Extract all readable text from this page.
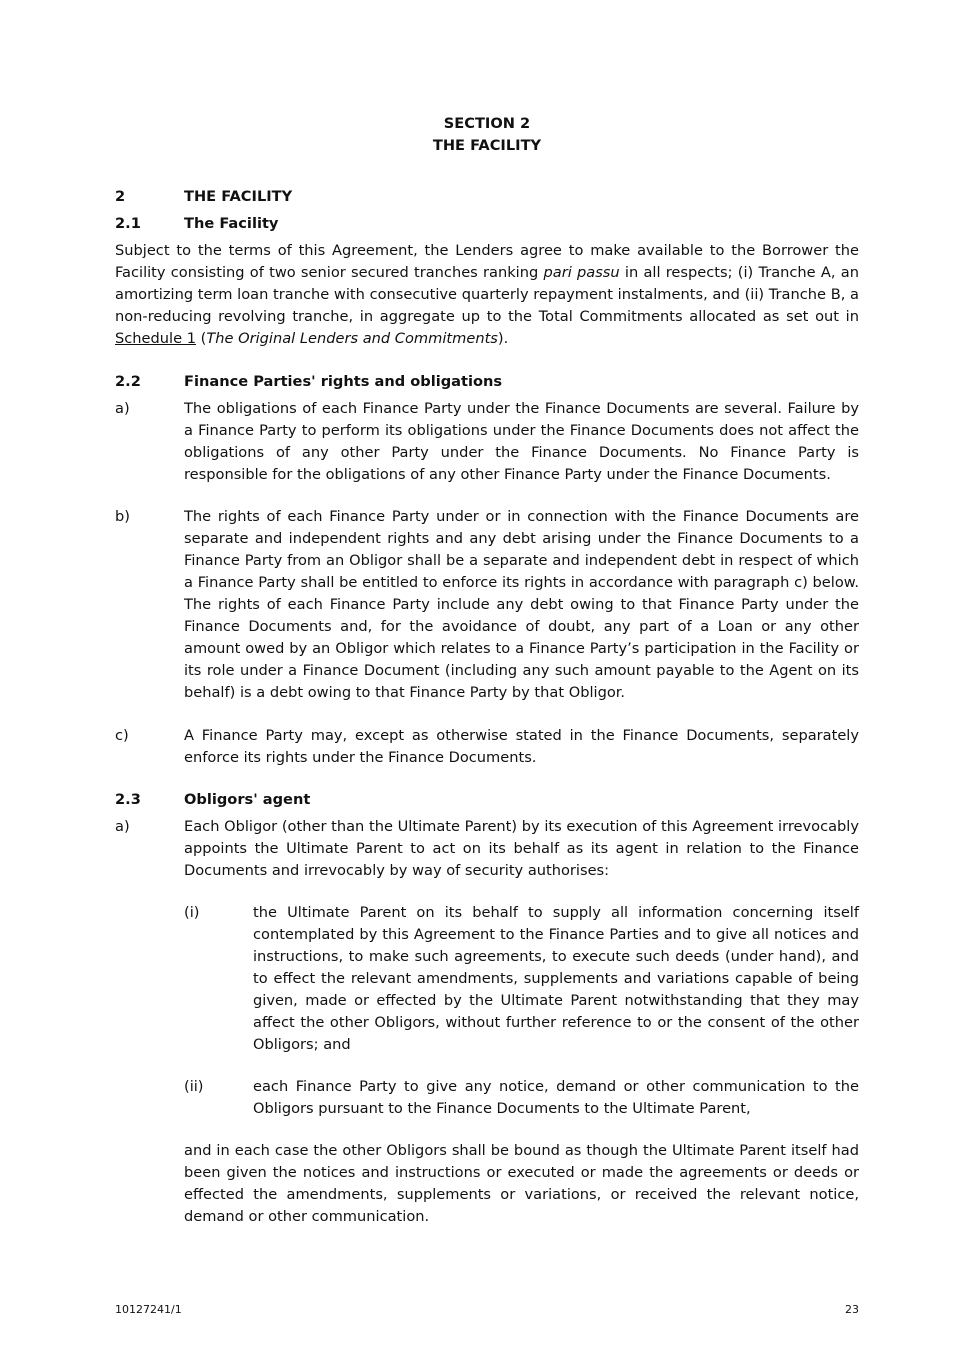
SECTION 2
THE FACILITY
2	THE FACILITY
2.1	The Facility

Subject to the terms of this Agreement, the Lenders agree to make available to the Borrower the Facility consisting of two senior secured tranches ranking pari passu in all respects; (i) Tranche A, an amortizing term loan tranche with consecutive quarterly repayment instalments, and (ii) Tranche B, a non-reducing revolving tranche, in aggregate up to the Total Commitments allocated as set out in Schedule 1 (The Original Lenders and Commitments).

2.2	Finance Parties' rights and obligations
a)	The obligations of each Finance Party under the Finance Documents are several. Failure by a Finance Party to perform its obligations under the Finance Documents does not affect the obligations of any other Party under the Finance Documents. No Finance Party is responsible for the obligations of any other Finance Party under the Finance Documents.

b)	The rights of each Finance Party under or in connection with the Finance Documents are separate and independent rights and any debt arising under the Finance Documents to a Finance Party from an Obligor shall be a separate and independent debt in respect of which a Finance Party shall be entitled to enforce its rights in accordance with paragraph c) below. The rights of each Finance Party include any debt owing to that Finance Party under the Finance Documents and, for the avoidance of doubt, any part of a Loan or any other amount owed by an Obligor which relates to a Finance Party’s participation in the Facility or its role under a Finance Document (including any such amount payable to the Agent on its behalf) is a debt owing to that Finance Party by that Obligor.

c)	A Finance Party may, except as otherwise stated in the Finance Documents, separately enforce its rights under the Finance Documents.

2.3	Obligors' agent
a)	Each Obligor (other than the Ultimate Parent) by its execution of this Agreement irrevocably appoints the Ultimate Parent to act on its behalf as its agent in relation to the Finance Documents and irrevocably by way of security authorises:

(i)	the Ultimate Parent on its behalf to supply all information concerning itself contemplated by this Agreement to the Finance Parties and to give all notices and instructions, to make such agreements, to execute such deeds (under hand), and to effect the relevant amendments, supplements and variations capable of being given, made or effected by the Ultimate Parent notwithstanding that they may affect the other Obligors, without further reference to or the consent of the other Obligors; and

(ii)	each Finance Party to give any notice, demand or other communication to the Obligors pursuant to the Finance Documents to the Ultimate Parent,

and in each case the other Obligors shall be bound as though the Ultimate Parent itself had been given the notices and instructions or executed or made the agreements or deeds or effected the amendments, supplements or variations, or received the relevant notice, demand or other communication.

10127241/1	23
